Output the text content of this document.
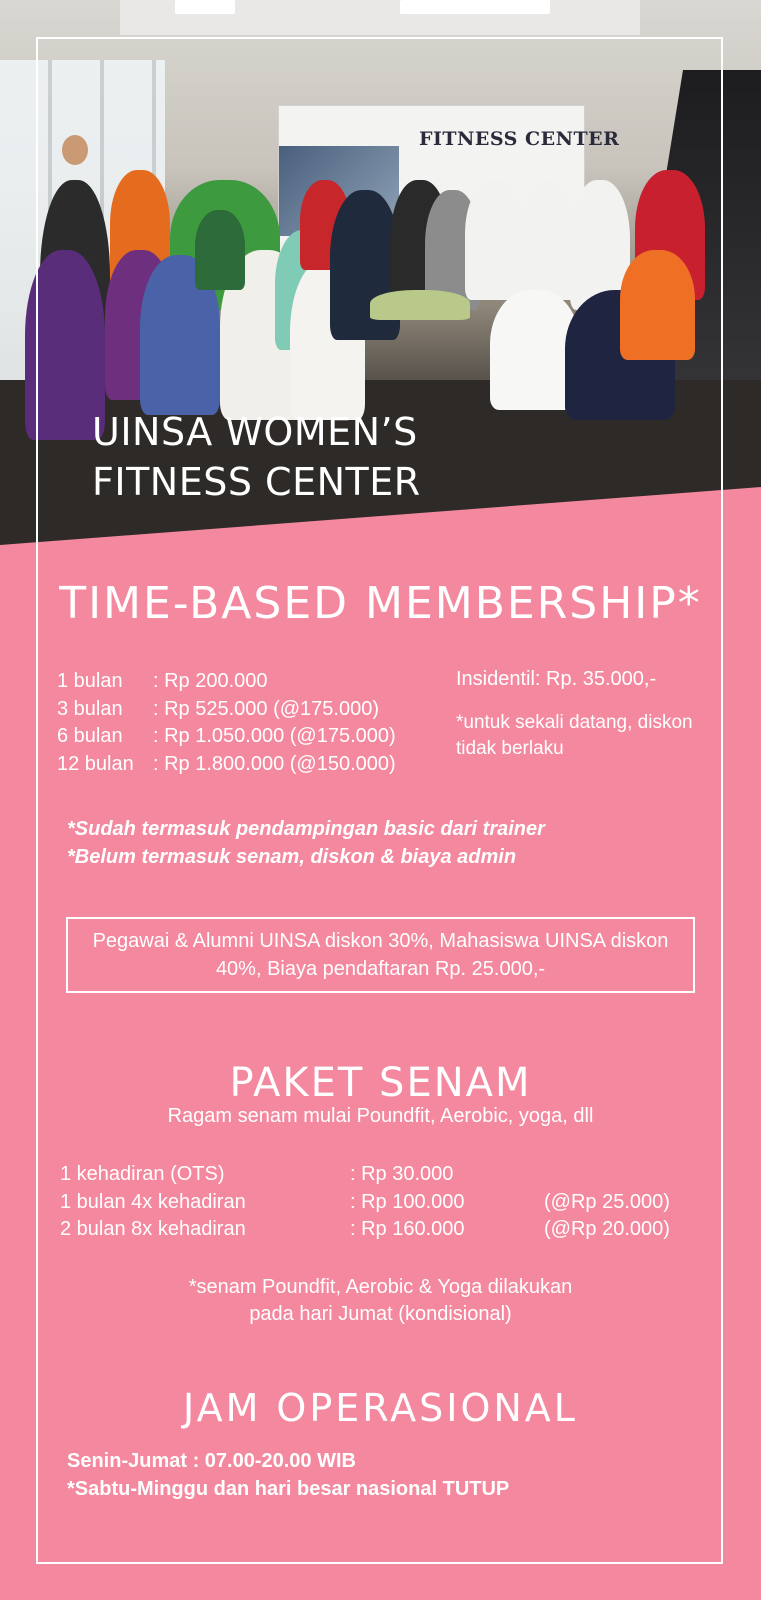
FITNESS CENTER
UINSA WOMEN’S
FITNESS CENTER
TIME-BASED MEMBERSHIP*
1 bulan	: Rp 200.000
3 bulan	: Rp 525.000 (@175.000)
6 bulan	: Rp 1.050.000 (@175.000)
12 bulan : Rp 1.800.000 (@150.000)
Insidentil: Rp. 35.000,-
*untuk sekali datang, diskon tidak berlaku
*Sudah termasuk pendampingan basic dari trainer
*Belum termasuk senam, diskon & biaya admin
Pegawai & Alumni UINSA diskon 30%, Mahasiswa UINSA diskon 40%, Biaya pendaftaran Rp. 25.000,-
PAKET SENAM
Ragam senam mulai Poundfit, Aerobic, yoga, dll
1 kehadiran (OTS)	: Rp 30.000
1 bulan 4x kehadiran	: Rp 100.000	(@Rp 25.000)
2 bulan 8x kehadiran	: Rp 160.000	(@Rp 20.000)
*senam Poundfit, Aerobic & Yoga dilakukan
pada hari Jumat (kondisional)
JAM OPERASIONAL
Senin-Jumat : 07.00-20.00 WIB
*Sabtu-Minggu dan hari besar nasional TUTUP
